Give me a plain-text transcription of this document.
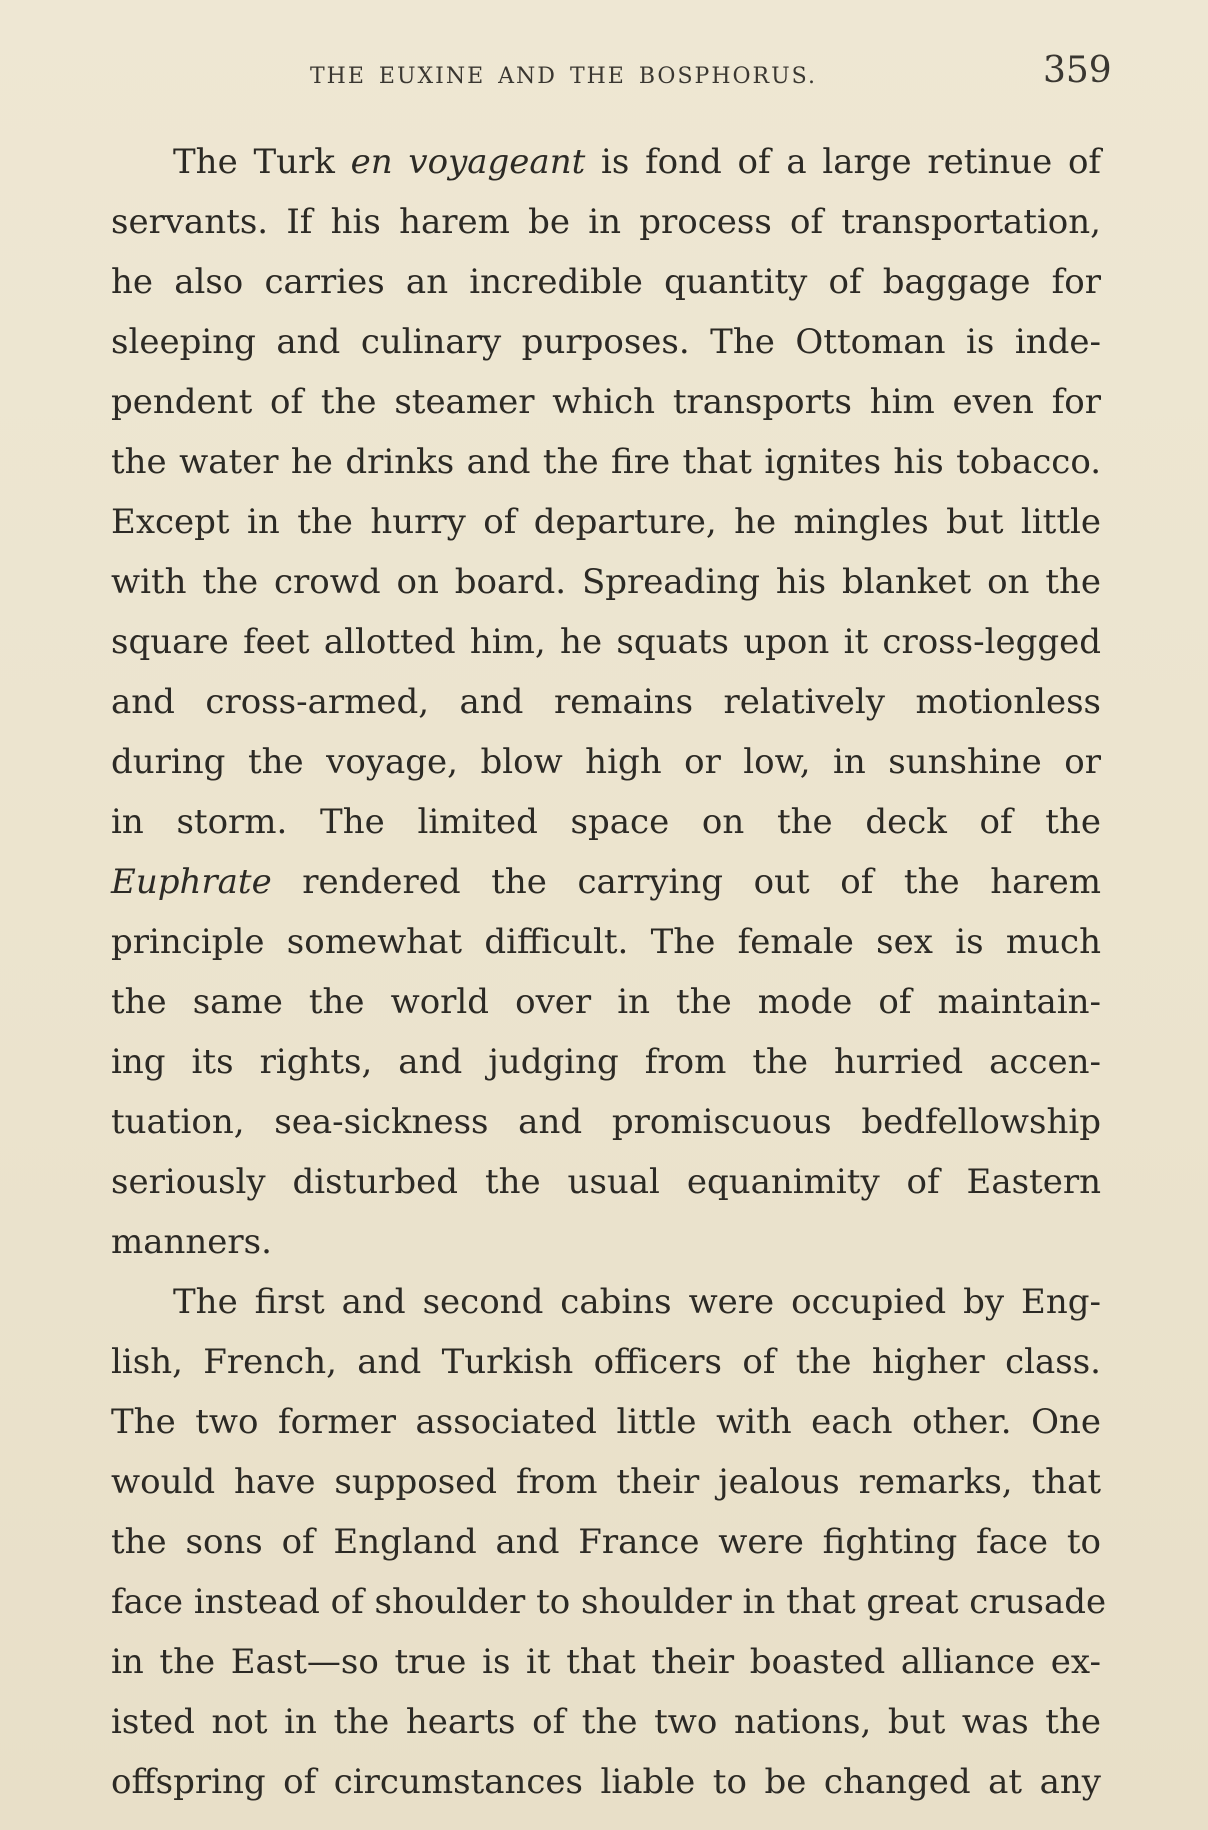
THE EUXINE AND THE BOSPHORUS.	359
The Turk en voyageant is fond of a large retinue of
servants. If his harem be in process of transportation,
he also carries an incredible quantity of baggage for
sleeping and culinary purposes. The Ottoman is inde-
pendent of the steamer which transports him even for
the water he drinks and the fire that ignites his tobacco.
Except in the hurry of departure, he mingles but little
with the crowd on board. Spreading his blanket on the
square feet allotted him, he squats upon it cross-legged
and cross-armed, and remains relatively motionless
during the voyage, blow high or low, in sunshine or
in storm. The limited space on the deck of the
Euphrate rendered the carrying out of the harem
principle somewhat difficult. The female sex is much
the same the world over in the mode of maintain-
ing its rights, and judging from the hurried accen-
tuation, sea-sickness and promiscuous bedfellowship
seriously disturbed the usual equanimity of Eastern
manners.
The first and second cabins were occupied by Eng-
lish, French, and Turkish officers of the higher class.
The two former associated little with each other. One
would have supposed from their jealous remarks, that
the sons of England and France were fighting face to
face instead of shoulder to shoulder in that great crusade
in the East—so true is it that their boasted alliance ex-
isted not in the hearts of the two nations, but was the
offspring of circumstances liable to be changed at any
